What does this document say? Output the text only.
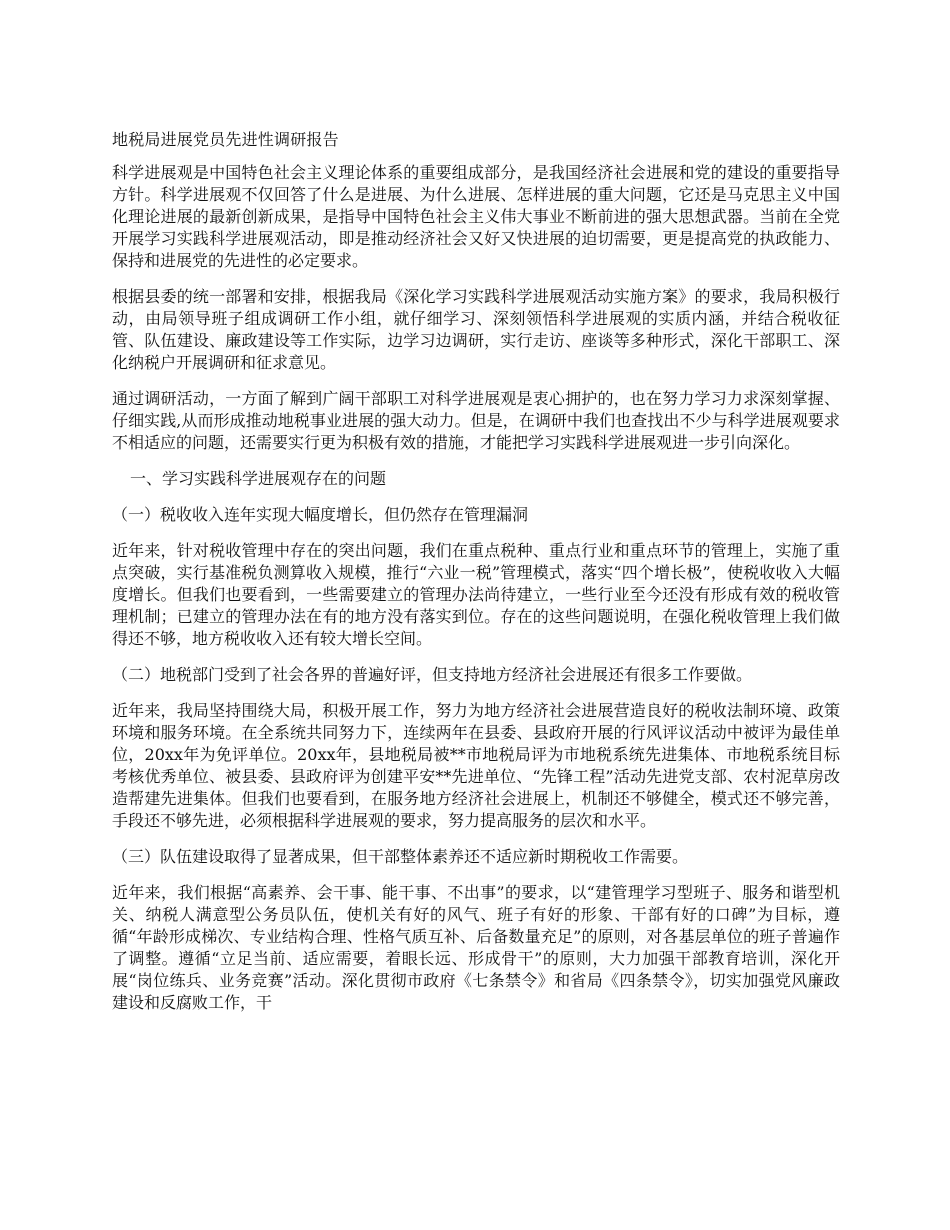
地税局进展党员先进性调研报告

科学进展观是中国特色社会主义理论体系的重要组成部分，是我国经济社会进展和党的建设的重要指导方针。科学进展观不仅回答了什么是进展、为什么进展、怎样进展的重大问题，它还是马克思主义中国化理论进展的最新创新成果，是指导中国特色社会主义伟大事业不断前进的强大思想武器。当前在全党开展学习实践科学进展观活动，即是推动经济社会又好又快进展的迫切需要，更是提高党的执政能力、保持和进展党的先进性的必定要求。

根据县委的统一部署和安排，根据我局《深化学习实践科学进展观活动实施方案》的要求，我局积极行动，由局领导班子组成调研工作小组，就仔细学习、深刻领悟科学进展观的实质内涵，并结合税收征管、队伍建设、廉政建设等工作实际，边学习边调研，实行走访、座谈等多种形式，深化干部职工、深化纳税户开展调研和征求意见。

通过调研活动，一方面了解到广阔干部职工对科学进展观是衷心拥护的，也在努力学习力求深刻掌握、仔细实践,从而形成推动地税事业进展的强大动力。但是，在调研中我们也查找出不少与科学进展观要求不相适应的问题，还需要实行更为积极有效的措施，才能把学习实践科学进展观进一步引向深化。

一、学习实践科学进展观存在的问题

（一）税收收入连年实现大幅度增长，但仍然存在管理漏洞

近年来，针对税收管理中存在的突出问题，我们在重点税种、重点行业和重点环节的管理上，实施了重点突破，实行基准税负测算收入规模，推行“六业一税”管理模式，落实“四个增长极”，使税收收入大幅度增长。但我们也要看到，一些需要建立的管理办法尚待建立，一些行业至今还没有形成有效的税收管理机制；已建立的管理办法在有的地方没有落实到位。存在的这些问题说明，在强化税收管理上我们做得还不够，地方税收收入还有较大增长空间。

（二）地税部门受到了社会各界的普遍好评，但支持地方经济社会进展还有很多工作要做。

近年来，我局坚持围绕大局，积极开展工作，努力为地方经济社会进展营造良好的税收法制环境、政策环境和服务环境。在全系统共同努力下，连续两年在县委、县政府开展的行风评议活动中被评为最佳单位，20xx年为免评单位。20xx年，县地税局被**市地税局评为市地税系统先进集体、市地税系统目标考核优秀单位、被县委、县政府评为创建平安**先进单位、“先锋工程”活动先进党支部、农村泥草房改造帮建先进集体。但我们也要看到，在服务地方经济社会进展上，机制还不够健全，模式还不够完善，手段还不够先进，必须根据科学进展观的要求，努力提高服务的层次和水平。

（三）队伍建设取得了显著成果，但干部整体素养还不适应新时期税收工作需要。

近年来，我们根据“高素养、会干事、能干事、不出事”的要求，以“建管理学习型班子、服务和谐型机关、纳税人满意型公务员队伍，使机关有好的风气、班子有好的形象、干部有好的口碑”为目标，遵循“年龄形成梯次、专业结构合理、性格气质互补、后备数量充足”的原则，对各基层单位的班子普遍作了调整。遵循“立足当前、适应需要，着眼长远、形成骨干”的原则，大力加强干部教育培训，深化开展“岗位练兵、业务竞赛”活动。深化贯彻市政府《七条禁令》和省局《四条禁令》，切实加强党风廉政建设和反腐败工作，干
